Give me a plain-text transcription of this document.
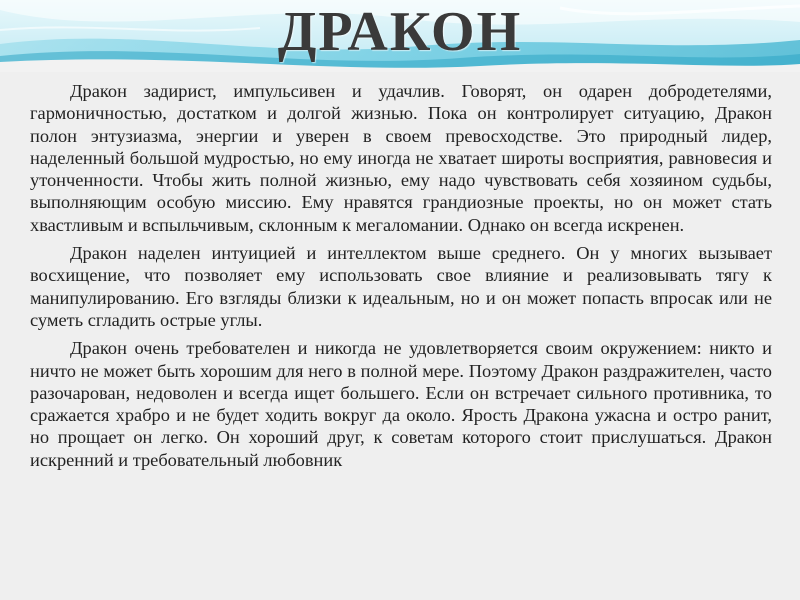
ДРАКОН

Дракон задирист, импульсивен и удачлив. Говорят, он одарен добродетелями, гармоничностью, достатком и долгой жизнью. Пока он контролирует ситуацию, Дракон полон энтузиазма, энергии и уверен в своем превосходстве. Это природный лидер, наделенный большой мудростью, но ему иногда не хватает широты восприятия, равновесия и утонченности. Чтобы жить полной жизнью, ему надо чувствовать себя хозяином судьбы, выполняющим особую миссию. Ему нравятся грандиозные проекты, но он может стать хвастливым и вспыльчивым, склонным к мегаломании. Однако он всегда искренен.

Дракон наделен интуицией и интеллектом выше среднего. Он у многих вызывает восхищение, что позволяет ему использовать свое влияние и реализовывать тягу к манипулированию. Его взгляды близки к идеальным, но и он может попасть впросак или не суметь сгладить острые углы.

Дракон очень требователен и никогда не удовлетворяется своим окружением: никто и ничто не может быть хорошим для него в полной мере. Поэтому Дракон раздражителен, часто разочарован, недоволен и всегда ищет большего. Если он встречает сильного противника, то сражается храбро и не будет ходить вокруг да около. Ярость Дракона ужасна и остро ранит, но прощает он легко. Он хороший друг, к советам которого стоит прислушаться. Дракон искренний и требовательный любовник
